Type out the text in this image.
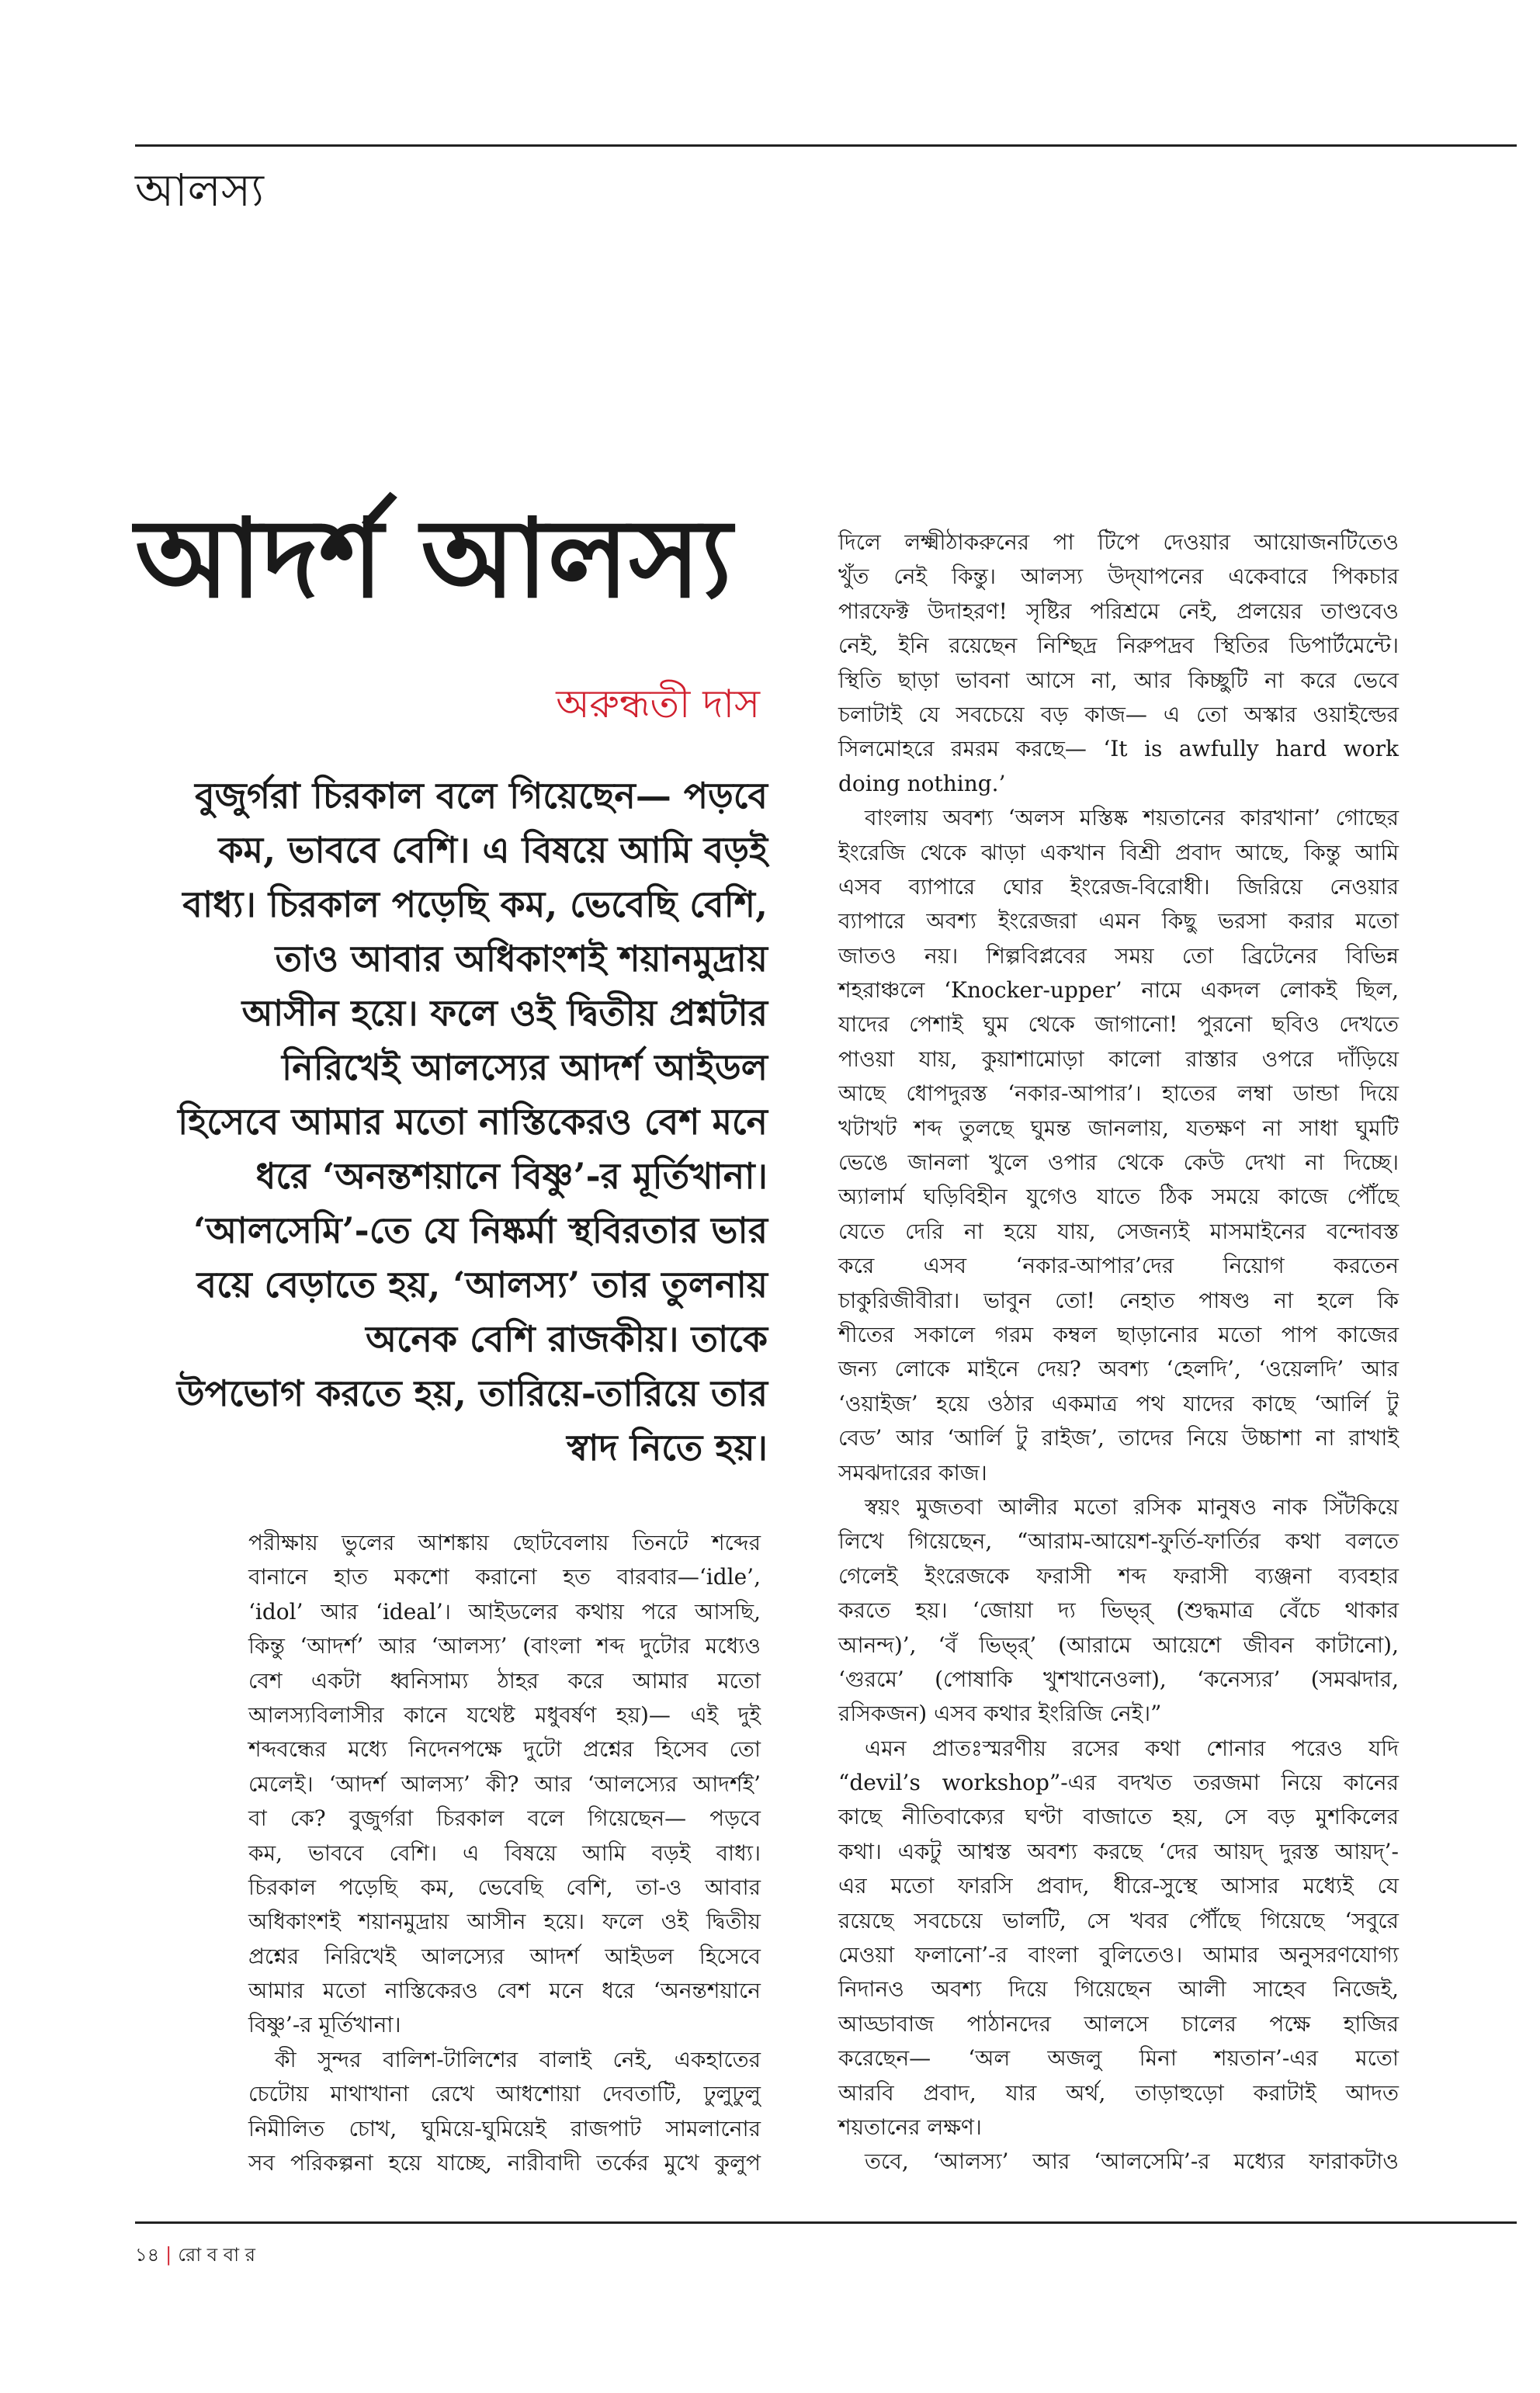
আলস্য
আদর্শ আলস্য
অরুন্ধতী দাস
বুজুর্গরা চিরকাল বলে গিয়েছেন— পড়বে
কম, ভাববে বেশি। এ বিষয়ে আমি বড়ই
বাধ্য। চিরকাল পড়েছি কম, ভেবেছি বেশি,
তাও আবার অধিকাংশই শয়ানমুদ্রায়
আসীন হয়ে। ফলে ওই দ্বিতীয় প্রশ্নটার
নিরিখেই আলস্যের আদর্শ আইডল
হিসেবে আমার মতো নাস্তিকেরও বেশ মনে
ধরে ‘অনন্তশয়ানে বিষ্ণু’-র মূর্তিখানা।
‘আলসেমি’-তে যে নিষ্কর্মা স্থবিরতার ভার
বয়ে বেড়াতে হয়, ‘আলস্য’ তার তুলনায়
অনেক বেশি রাজকীয়। তাকে
উপভোগ করতে হয়, তারিয়ে-তারিয়ে তার
স্বাদ নিতে হয়।
পরীক্ষায় ভুলের আশঙ্কায় ছোটবেলায় তিনটে শব্দের
বানানে হাত মকশো করানো হত বারবার—‘idle’,
‘idol’ আর ‘ideal’। আইডলের কথায় পরে আসছি,
কিন্তু ‘আদর্শ’ আর ‘আলস্য’ (বাংলা শব্দ দুটোর মধ্যেও
বেশ একটা ধ্বনিসাম্য ঠাহর করে আমার মতো
আলস্যবিলাসীর কানে যথেষ্ট মধুবর্ষণ হয়)— এই দুই
শব্দবন্ধের মধ্যে নিদেনপক্ষে দুটো প্রশ্নের হিসেব তো
মেলেই। ‘আদর্শ আলস্য’ কী? আর ‘আলস্যের আদর্শই’
বা কে? বুজুর্গরা চিরকাল বলে গিয়েছেন— পড়বে
কম, ভাববে বেশি। এ বিষয়ে আমি বড়ই বাধ্য।
চিরকাল পড়েছি কম, ভেবেছি বেশি, তা-ও আবার
অধিকাংশই শয়ানমুদ্রায় আসীন হয়ে। ফলে ওই দ্বিতীয়
প্রশ্নের নিরিখেই আলস্যের আদর্শ আইডল হিসেবে
আমার মতো নাস্তিকেরও বেশ মনে ধরে ‘অনন্তশয়ানে
বিষ্ণু’-র মূর্তিখানা।
কী সুন্দর বালিশ-টালিশের বালাই নেই, একহাতের
চেটোয় মাথাখানা রেখে আধশোয়া দেবতাটি, ঢুলুঢুলু
নিমীলিত চোখ, ঘুমিয়ে-ঘুমিয়েই রাজপাট সামলানোর
সব পরিকল্পনা হয়ে যাচ্ছে, নারীবাদী তর্কের মুখে কুলুপ
দিলে লক্ষ্মীঠাকরুনের পা টিপে দেওয়ার আয়োজনটিতেও
খুঁত নেই কিন্তু। আলস্য উদ্‌যাপনের একেবারে পিকচার
পারফেক্ট উদাহরণ! সৃষ্টির পরিশ্রমে নেই, প্রলয়ের তাণ্ডবেও
নেই, ইনি রয়েছেন নিশ্ছিদ্র নিরুপদ্রব স্থিতির ডিপার্টমেন্টে।
স্থিতি ছাড়া ভাবনা আসে না, আর কিচ্ছুটি না করে ভেবে
চলাটাই যে সবচেয়ে বড় কাজ— এ তো অস্কার ওয়াইল্ডের
সিলমোহরে রমরম করছে— ‘It is awfully hard work
doing nothing.’
বাংলায় অবশ্য ‘অলস মস্তিষ্ক শয়তানের কারখানা’ গোছের
ইংরেজি থেকে ঝাড়া একখান বিশ্রী প্রবাদ আছে, কিন্তু আমি
এসব ব্যাপারে ঘোর ইংরেজ-বিরোধী। জিরিয়ে নেওয়ার
ব্যাপারে অবশ্য ইংরেজরা এমন কিছু ভরসা করার মতো
জাতও নয়। শিল্পবিপ্লবের সময় তো ব্রিটেনের বিভিন্ন
শহরাঞ্চলে ‘Knocker-upper’ নামে একদল লোকই ছিল,
যাদের পেশাই ঘুম থেকে জাগানো! পুরনো ছবিও দেখতে
পাওয়া যায়, কুয়াশামোড়া কালো রাস্তার ওপরে দাঁড়িয়ে
আছে ধোপদুরস্ত ‘নকার-আপার’। হাতের লম্বা ডান্ডা দিয়ে
খটাখট শব্দ তুলছে ঘুমন্ত জানলায়, যতক্ষণ না সাধা ঘুমটি
ভেঙে জানলা খুলে ওপার থেকে কেউ দেখা না দিচ্ছে।
অ্যালার্ম ঘড়িবিহীন যুগেও যাতে ঠিক সময়ে কাজে পৌঁছে
যেতে দেরি না হয়ে যায়, সেজন্যই মাসমাইনের বন্দোবস্ত
করে এসব ‘নকার-আপার’দের নিয়োগ করতেন
চাকুরিজীবীরা। ভাবুন তো! নেহাত পাষণ্ড না হলে কি
শীতের সকালে গরম কম্বল ছাড়ানোর মতো পাপ কাজের
জন্য লোকে মাইনে দেয়? অবশ্য ‘হেলদি’, ‘ওয়েলদি’ আর
‘ওয়াইজ’ হয়ে ওঠার একমাত্র পথ যাদের কাছে ‘আর্লি টু
বেড’ আর ‘আর্লি টু রাইজ’, তাদের নিয়ে উচ্চাশা না রাখাই
সমঝদারের কাজ।
স্বয়ং মুজতবা আলীর মতো রসিক মানুষও নাক সিঁটকিয়ে
লিখে গিয়েছেন, “আরাম-আয়েশ-ফুর্তি-ফার্তির কথা বলতে
গেলেই ইংরেজকে ফরাসী শব্দ ফরাসী ব্যঞ্জনা ব্যবহার
করতে হয়। ‘জোয়া দ্য ভিভ্‌র্ (শুদ্ধমাত্র বেঁচে থাকার
আনন্দ)’, ‘বঁ ভিভ্‌র্’ (আরামে আয়েশে জীবন কাটানো),
‘গুরমে’ (পোষাকি খুশখানেওলা), ‘কনেস্যর’ (সমঝদার,
রসিকজন) এসব কথার ইংরিজি নেই।”
এমন প্রাতঃস্মরণীয় রসের কথা শোনার পরেও যদি
“devil’s workshop”-এর বদখত তরজমা নিয়ে কানের
কাছে নীতিবাক্যের ঘণ্টা বাজাতে হয়, সে বড় মুশকিলের
কথা। একটু আশ্বস্ত অবশ্য করছে ‘দের আয়দ্ দুরস্ত আয়দ্’-
এর মতো ফারসি প্রবাদ, ধীরে-সুস্থে আসার মধ্যেই যে
রয়েছে সবচেয়ে ভালটি, সে খবর পৌঁছে গিয়েছে ‘সবুরে
মেওয়া ফলানো’-র বাংলা বুলিতেও। আমার অনুসরণযোগ্য
নিদানও অবশ্য দিয়ে গিয়েছেন আলী সাহেব নিজেই,
আড্ডাবাজ পাঠানদের আলসে চালের পক্ষে হাজির
করেছেন— ‘অল অজলু মিনা শয়তান’-এর মতো
আরবি প্রবাদ, যার অর্থ, তাড়াহুড়ো করাটাই আদত
শয়তানের লক্ষণ।
তবে, ‘আলস্য’ আর ‘আলসেমি’-র মধ্যের ফারাকটাও
১৪ | রো ব বা র
